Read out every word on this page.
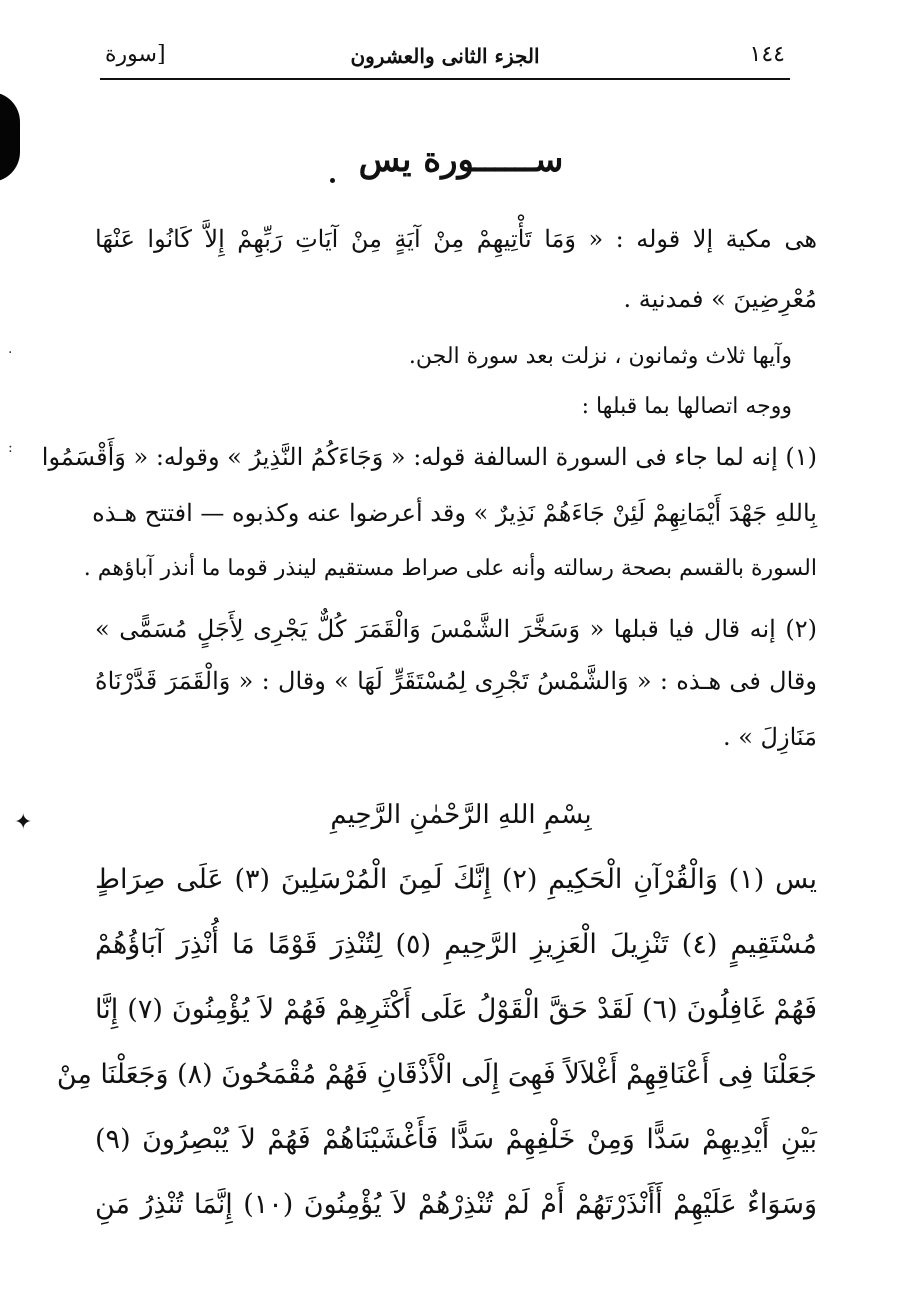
·
:
✦
١٤٤
الجزء الثانى والعشرون
[سورة
ســــــورة يس
هى مكية إلا قوله : « وَمَا تَأْتِيهِمْ مِنْ آيَةٍ مِنْ آيَاتِ رَبِّهِمْ إِلاَّ كَانُوا عَنْهَا
مُعْرِضِينَ » فمدنية .
وآيها ثلاث وثمانون ، نزلت بعد سورة الجن.
ووجه اتصالها بما قبلها :
(١) إنه لما جاء فى السورة السالفة قوله: « وَجَاءَكُمُ النَّذِيرُ » وقوله: « وَأَقْسَمُوا
بِاللهِ جَهْدَ أَيْمَانِهِمْ لَئِنْ جَاءَهُمْ نَذِيرٌ » وقد أعرضوا عنه وكذبوه — افتتح هـذه
السورة بالقسم بصحة رسالته وأنه على صراط مستقيم لينذر قوما ما أنذر آباؤهم .
(٢) إنه قال فيا قبلها « وَسَخَّرَ الشَّمْسَ وَالْقَمَرَ كُلٌّ يَجْرِى لِأَجَلٍ مُسَمًّى »
وقال فى هـذه : « وَالشَّمْسُ تَجْرِى لِمُسْتَقَرٍّ لَهَا » وقال : « وَالْقَمَرَ قَدَّرْنَاهُ
مَنَازِلَ » .
بِسْمِ اللهِ الرَّحْمٰنِ الرَّحِيمِ
يس (١) وَالْقُرْآنِ الْحَكِيمِ (٢) إِنَّكَ لَمِنَ الْمُرْسَلِينَ (٣) عَلَى صِرَاطٍ
مُسْتَقِيمٍ (٤) تَنْزِيلَ الْعَزِيزِ الرَّحِيمِ (٥) لِتُنْذِرَ قَوْمًا مَا أُنْذِرَ آبَاؤُهُمْ
فَهُمْ غَافِلُونَ (٦) لَقَدْ حَقَّ الْقَوْلُ عَلَى أَكْثَرِهِمْ فَهُمْ لاَ يُؤْمِنُونَ (٧) إِنَّا
جَعَلْنَا فِى أَعْنَاقِهِمْ أَغْلاَلاً فَهِىَ إِلَى الْأَذْقَانِ فَهُمْ مُقْمَحُونَ (٨) وَجَعَلْنَا مِنْ
بَيْنِ أَيْدِيهِمْ سَدًّا وَمِنْ خَلْفِهِمْ سَدًّا فَأَغْشَيْنَاهُمْ فَهُمْ لاَ يُبْصِرُونَ (٩)
وَسَوَاءٌ عَلَيْهِمْ أَأَنْذَرْتَهُمْ أَمْ لَمْ تُنْذِرْهُمْ لاَ يُؤْمِنُونَ (١٠) إِنَّمَا تُنْذِرُ مَنِ
